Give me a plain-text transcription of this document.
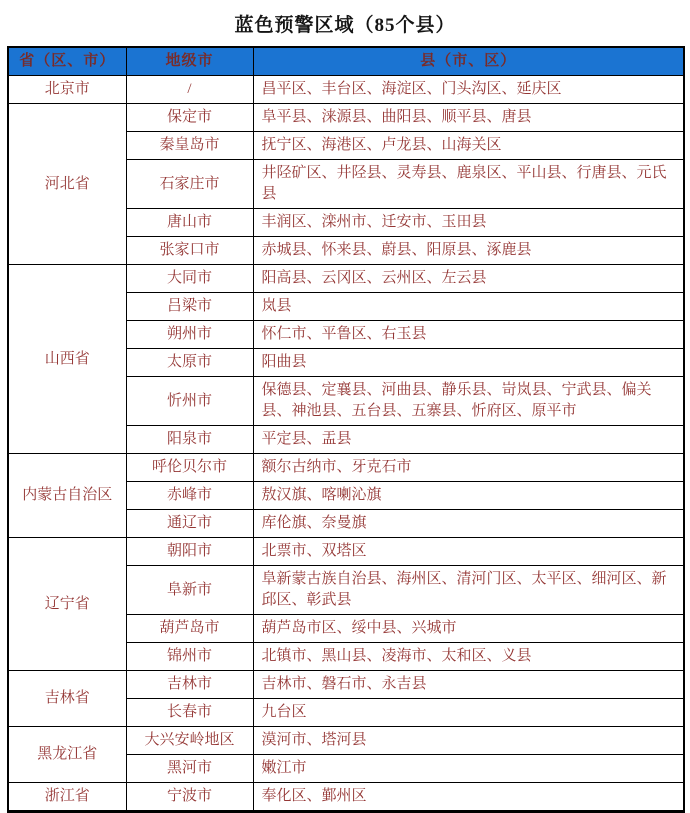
蓝色预警区域（85个县）
省（区、市）	地级市	县（市、区）
北京市	/	昌平区、丰台区、海淀区、门头沟区、延庆区
河北省	保定市	阜平县、涞源县、曲阳县、顺平县、唐县
	秦皇岛市	抚宁区、海港区、卢龙县、山海关区
	石家庄市	井陉矿区、井陉县、灵寿县、鹿泉区、平山县、行唐县、元氏县
	唐山市	丰润区、滦州市、迁安市、玉田县
	张家口市	赤城县、怀来县、蔚县、阳原县、涿鹿县
山西省	大同市	阳高县、云冈区、云州区、左云县
	吕梁市	岚县
	朔州市	怀仁市、平鲁区、右玉县
	太原市	阳曲县
	忻州市	保德县、定襄县、河曲县、静乐县、岢岚县、宁武县、偏关县、神池县、五台县、五寨县、忻府区、原平市
	阳泉市	平定县、盂县
内蒙古自治区	呼伦贝尔市	额尔古纳市、牙克石市
	赤峰市	敖汉旗、喀喇沁旗
	通辽市	库伦旗、奈曼旗
辽宁省	朝阳市	北票市、双塔区
	阜新市	阜新蒙古族自治县、海州区、清河门区、太平区、细河区、新邱区、彰武县
	葫芦岛市	葫芦岛市区、绥中县、兴城市
	锦州市	北镇市、黑山县、凌海市、太和区、义县
吉林省	吉林市	吉林市、磐石市、永吉县
	长春市	九台区
黑龙江省	大兴安岭地区	漠河市、塔河县
	黑河市	嫩江市
浙江省	宁波市	奉化区、鄞州区
